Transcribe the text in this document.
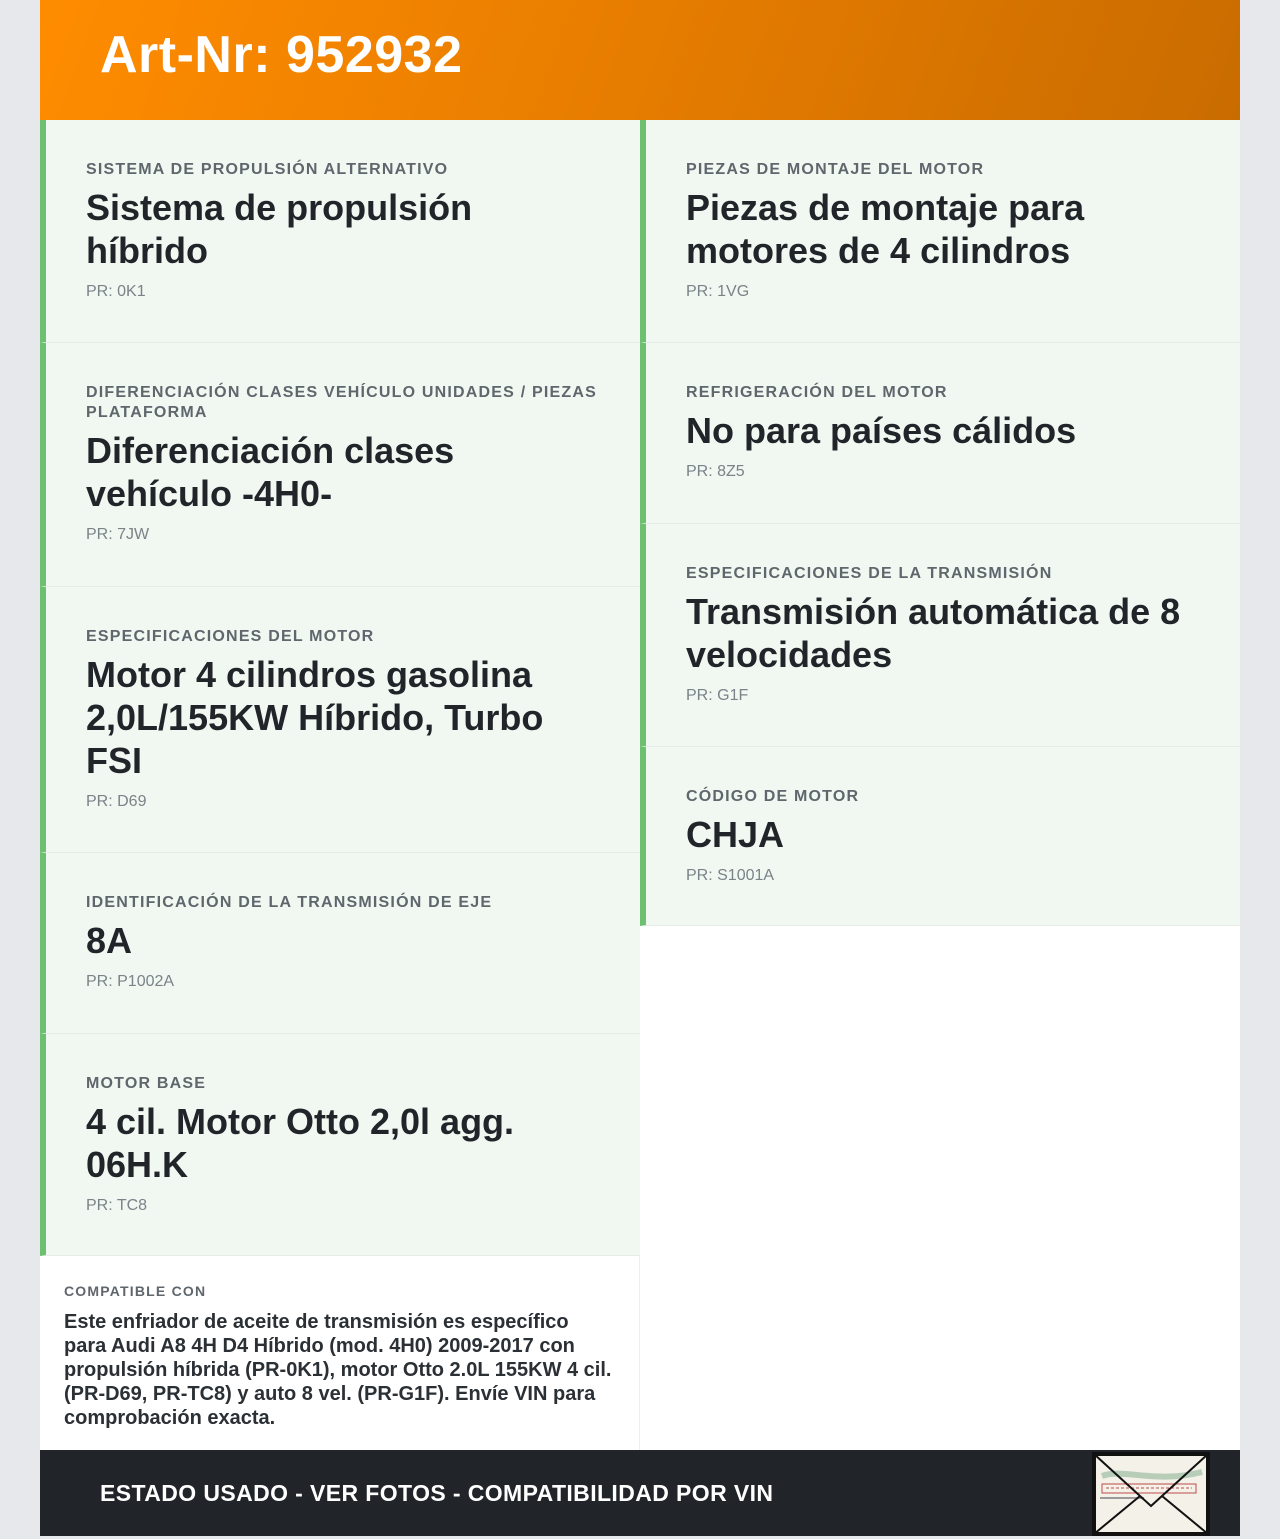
Art-Nr: 952932
SISTEMA DE PROPULSIÓN ALTERNATIVO
Sistema de propulsión híbrido
PR: 0K1
DIFERENCIACIÓN CLASES VEHÍCULO UNIDADES / PIEZAS PLATAFORMA
Diferenciación clases vehículo -4H0-
PR: 7JW
ESPECIFICACIONES DEL MOTOR
Motor 4 cilindros gasolina 2,0L/155KW Híbrido, Turbo FSI
PR: D69
IDENTIFICACIÓN DE LA TRANSMISIÓN DE EJE
8A
PR: P1002A
MOTOR BASE
4 cil. Motor Otto 2,0l agg. 06H.K
PR: TC8
PIEZAS DE MONTAJE DEL MOTOR
Piezas de montaje para motores de 4 cilindros
PR: 1VG
REFRIGERACIÓN DEL MOTOR
No para países cálidos
PR: 8Z5
ESPECIFICACIONES DE LA TRANSMISIÓN
Transmisión automática de 8 velocidades
PR: G1F
CÓDIGO DE MOTOR
CHJA
PR: S1001A
COMPATIBLE CON
Este enfriador de aceite de transmisión es específico para Audi A8 4H D4 Híbrido (mod. 4H0) 2009-2017 con propulsión híbrida (PR-0K1), motor Otto 2.0L 155KW 4 cil. (PR-D69, PR-TC8) y auto 8 vel. (PR-G1F). Envíe VIN para comprobación exacta.
ESTADO USADO - VER FOTOS - COMPATIBILIDAD POR VIN
